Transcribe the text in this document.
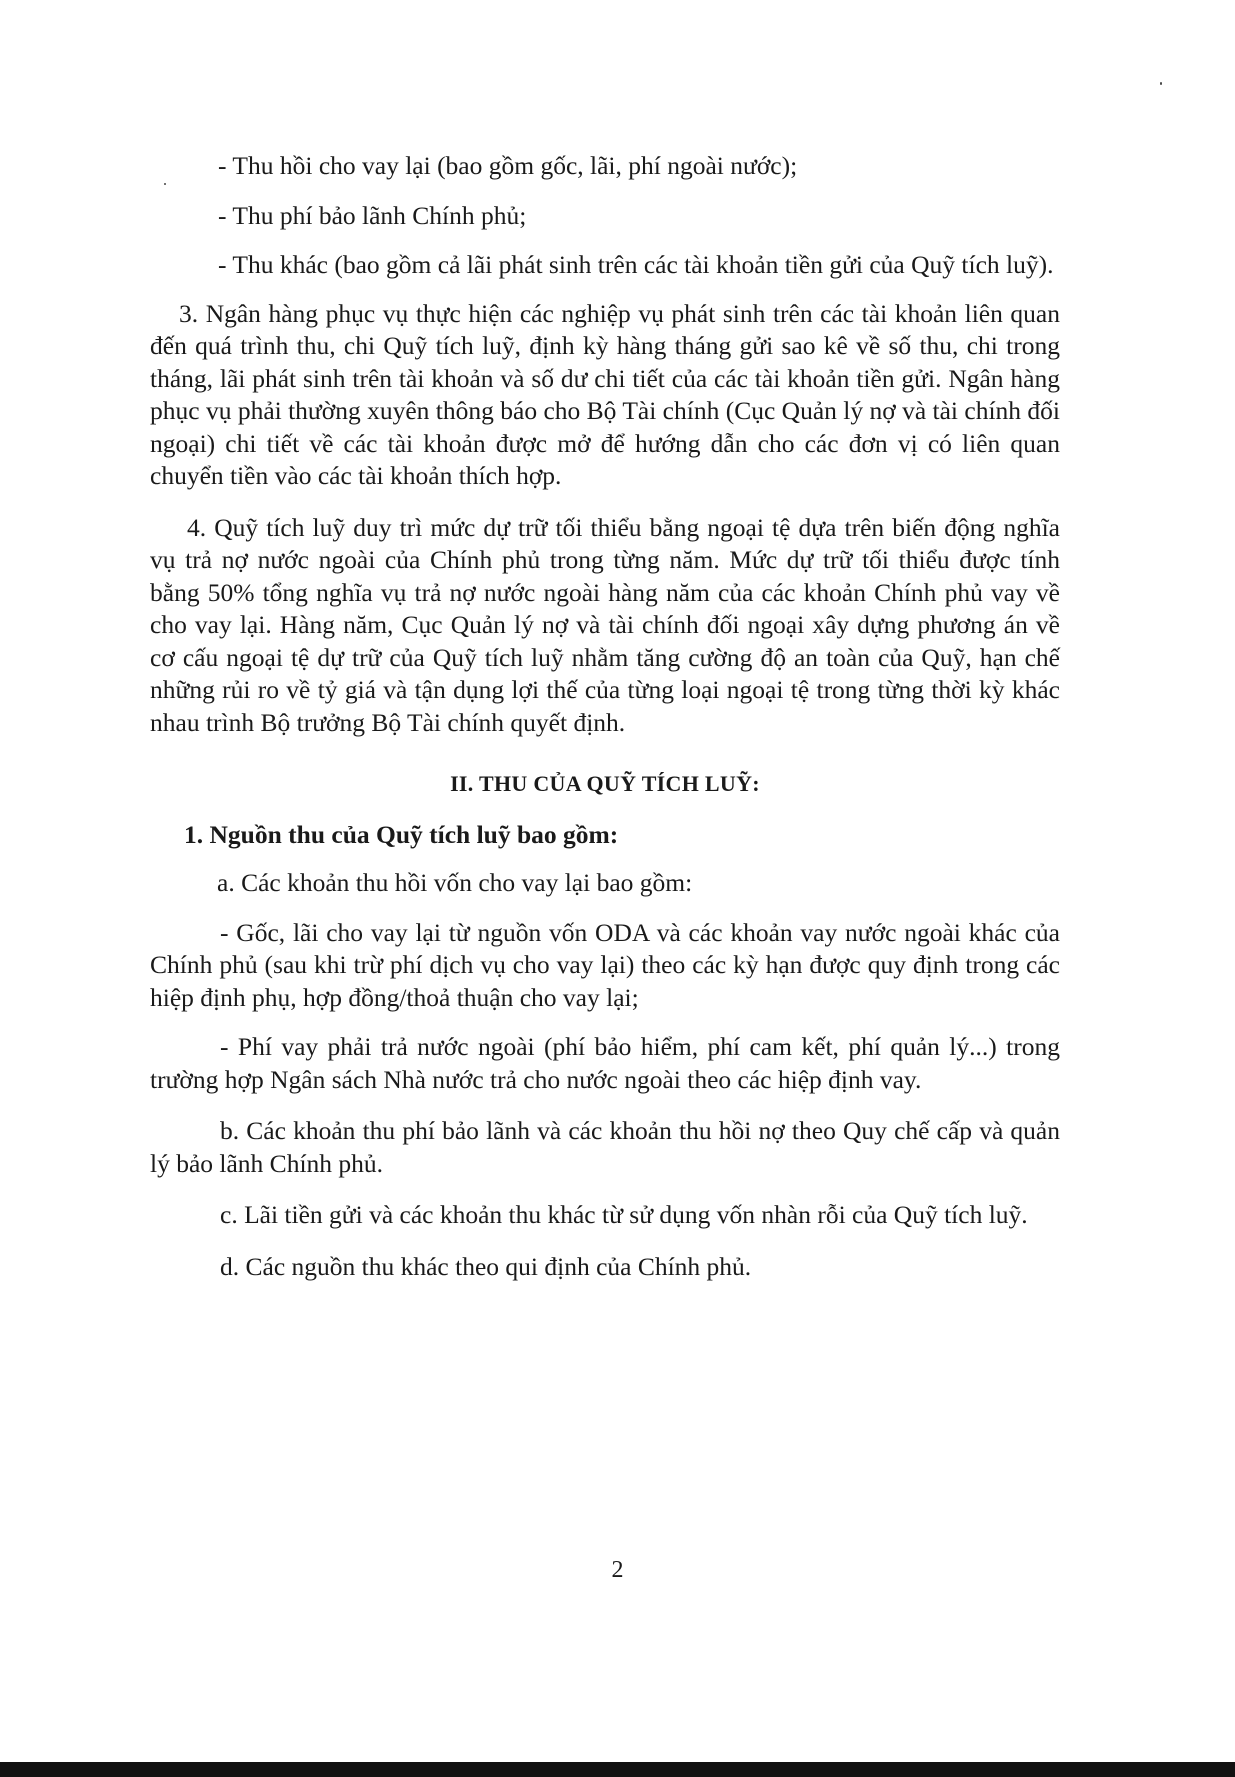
- Thu hồi cho vay lại (bao gồm gốc, lãi, phí ngoài nước);

- Thu phí bảo lãnh Chính phủ;

- Thu khác (bao gồm cả lãi phát sinh trên các tài khoản tiền gửi của Quỹ tích luỹ).

3. Ngân hàng phục vụ thực hiện các nghiệp vụ phát sinh trên các tài khoản liên quan đến quá trình thu, chi Quỹ tích luỹ, định kỳ hàng tháng gửi sao kê về số thu, chi trong tháng, lãi phát sinh trên tài khoản và số dư chi tiết của các tài khoản tiền gửi. Ngân hàng phục vụ phải thường xuyên thông báo cho Bộ Tài chính (Cục Quản lý nợ và tài chính đối ngoại) chi tiết về các tài khoản được mở để hướng dẫn cho các đơn vị có liên quan chuyển tiền vào các tài khoản thích hợp.

4. Quỹ tích luỹ duy trì mức dự trữ tối thiểu bằng ngoại tệ dựa trên biến động nghĩa vụ trả nợ nước ngoài của Chính phủ trong từng năm. Mức dự trữ tối thiểu được tính bằng 50% tổng nghĩa vụ trả nợ nước ngoài hàng năm của các khoản Chính phủ vay về cho vay lại. Hàng năm, Cục Quản lý nợ và tài chính đối ngoại xây dựng phương án về cơ cấu ngoại tệ dự trữ của Quỹ tích luỹ nhằm tăng cường độ an toàn của Quỹ, hạn chế những rủi ro về tỷ giá và tận dụng lợi thế của từng loại ngoại tệ trong từng thời kỳ khác nhau trình Bộ trưởng Bộ Tài chính quyết định.

II. THU CỦA QUỸ TÍCH LUỸ:

1. Nguồn thu của Quỹ tích luỹ bao gồm:

a. Các khoản thu hồi vốn cho vay lại bao gồm:

- Gốc, lãi cho vay lại từ nguồn vốn ODA và các khoản vay nước ngoài khác của Chính phủ (sau khi trừ phí dịch vụ cho vay lại) theo các kỳ hạn được quy định trong các hiệp định phụ, hợp đồng/thoả thuận cho vay lại;

- Phí vay phải trả nước ngoài (phí bảo hiểm, phí cam kết, phí quản lý...) trong trường hợp Ngân sách Nhà nước trả cho nước ngoài theo các hiệp định vay.

b. Các khoản thu phí bảo lãnh và các khoản thu hồi nợ theo Quy chế cấp và quản lý bảo lãnh Chính phủ.

c. Lãi tiền gửi và các khoản thu khác từ sử dụng vốn nhàn rỗi của Quỹ tích luỹ.

d. Các nguồn thu khác theo qui định của Chính phủ.

2
